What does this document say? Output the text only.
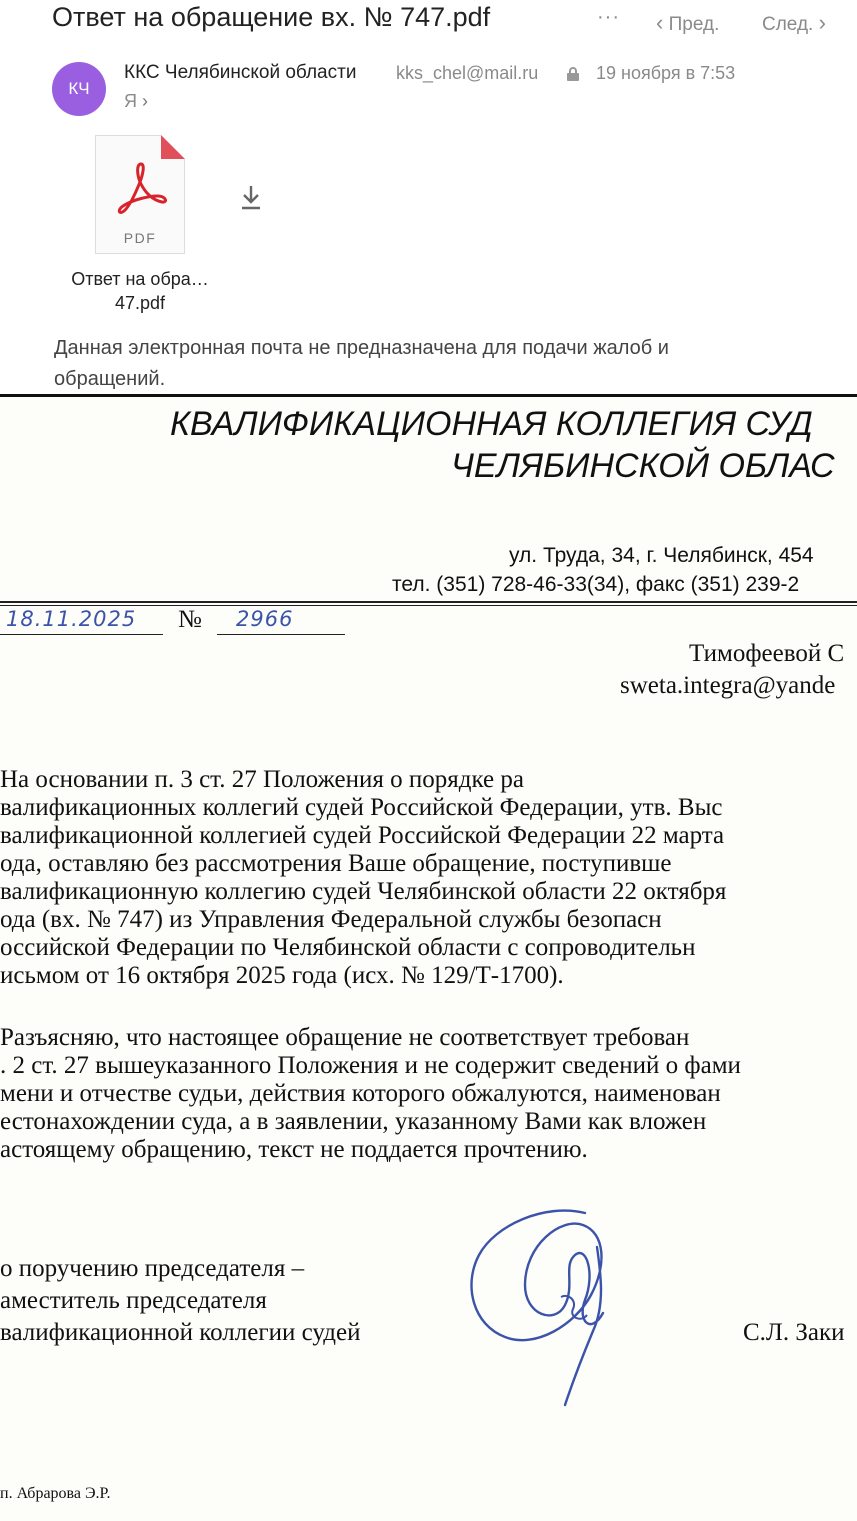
Ответ на обращение вх. № 747.pdf	··· ‹ Пред. След. ›
КЧ
ККС Челябинской области kks_chel@mail.ru	19 ноября в 7:53
Я ›
PDF
Ответ на обра…47.pdf
Данная электронная почта не предназначена для подачи жалоб и обращений.
КВАЛИФИКАЦИОННАЯ КОЛЛЕГИЯ СУД
ЧЕЛЯБИНСКОЙ ОБЛАС
ул. Труда, 34, г. Челябинск, 454
тел. (351) 728-46-33(34), факс (351) 239-2
18.11.2025 № 2966
Тимофеевой С
sweta.integra@yande
На основании п. 3 ст. 27 Положения о порядке ра
валификационных коллегий судей Российской Федерации, утв. Выс
валификационной коллегией судей Российской Федерации 22 марта
ода, оставляю без рассмотрения Ваше обращение, поступивше
валификационную коллегию судей Челябинской области 22 октября
ода (вх. № 747) из Управления Федеральной службы безопасн
оссийской Федерации по Челябинской области с сопроводительн
исьмом от 16 октября 2025 года (исх. № 129/Т-1700).
Разъясняю, что настоящее обращение не соответствует требован
. 2 ст. 27 вышеуказанного Положения и не содержит сведений о фами
мени и отчестве судьи, действия которого обжалуются, наименован
естонахождении суда, а в заявлении, указанному Вами как вложен
астоящему обращению, текст не поддается прочтению.
о поручению председателя –
аместитель председателя
валификационной коллегии судей	С.Л. Заки
п. Абрарова Э.Р.
